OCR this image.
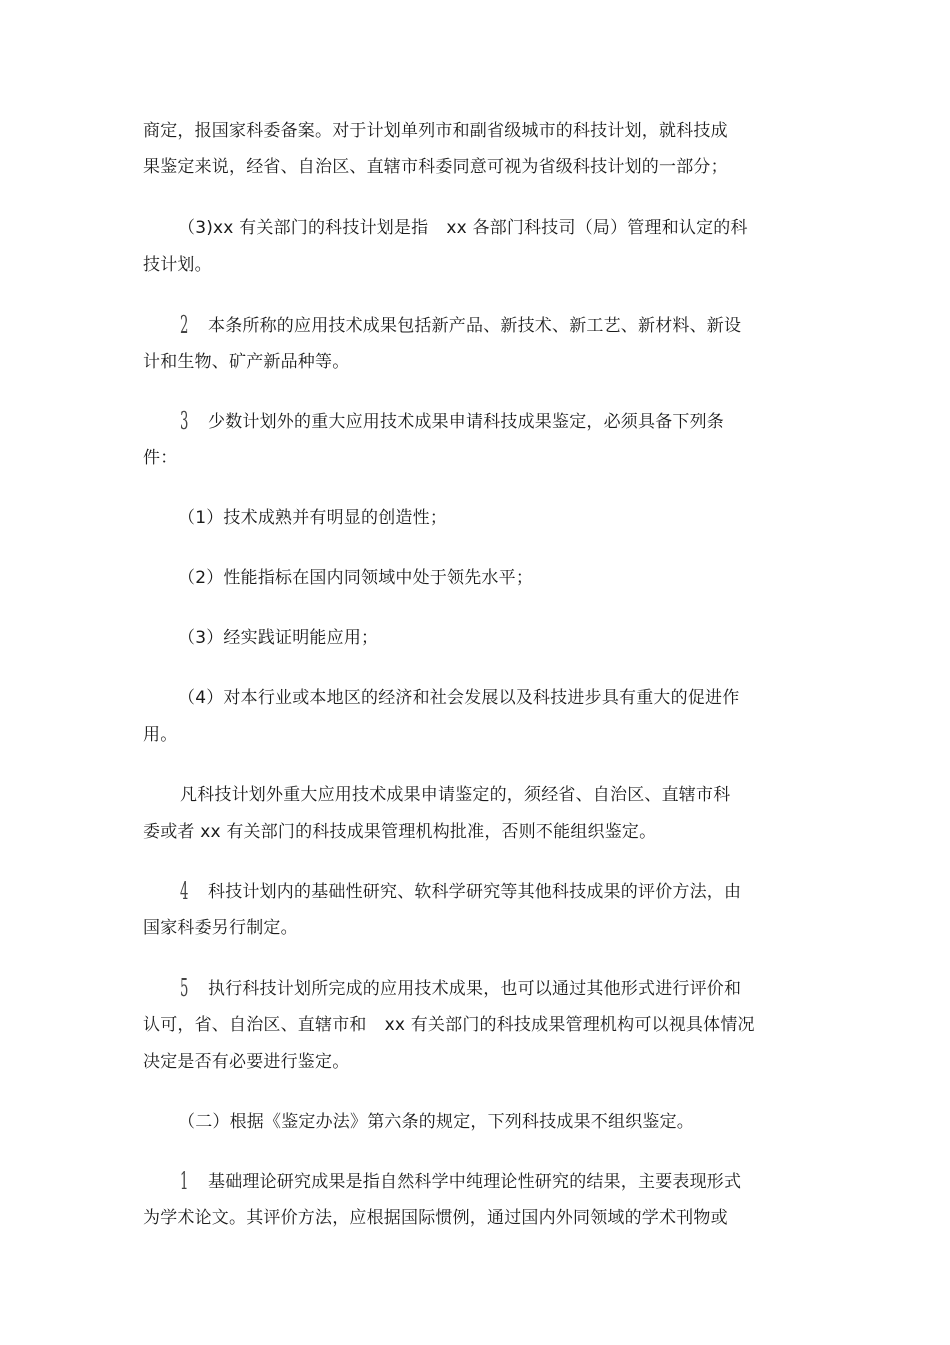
商定，报国家科委备案。对于计划单列市和副省级城市的科技计划，就科技成
果鉴定来说，经省、自治区、直辖市科委同意可视为省级科技计划的一部分；
（3)xx 有关部门的科技计划是指 xx 各部门科技司（局）管理和认定的科
技计划。
2 本条所称的应用技术成果包括新产品、新技术、新工艺、新材料、新设
计和生物、矿产新品种等。
3 少数计划外的重大应用技术成果申请科技成果鉴定，必须具备下列条
件：
（1）技术成熟并有明显的创造性；
（2）性能指标在国内同领域中处于领先水平；
（3）经实践证明能应用；
（4）对本行业或本地区的经济和社会发展以及科技进步具有重大的促进作
用。
凡科技计划外重大应用技术成果申请鉴定的，须经省、自治区、直辖市科
委或者 xx 有关部门的科技成果管理机构批准，否则不能组织鉴定。
4 科技计划内的基础性研究、软科学研究等其他科技成果的评价方法，由
国家科委另行制定。
5 执行科技计划所完成的应用技术成果，也可以通过其他形式进行评价和
认可，省、自治区、直辖市和 xx 有关部门的科技成果管理机构可以视具体情况
决定是否有必要进行鉴定。
（二）根据《鉴定办法》第六条的规定，下列科技成果不组织鉴定。
1 基础理论研究成果是指自然科学中纯理论性研究的结果，主要表现形式
为学术论文。其评价方法，应根据国际惯例，通过国内外同领域的学术刊物或
